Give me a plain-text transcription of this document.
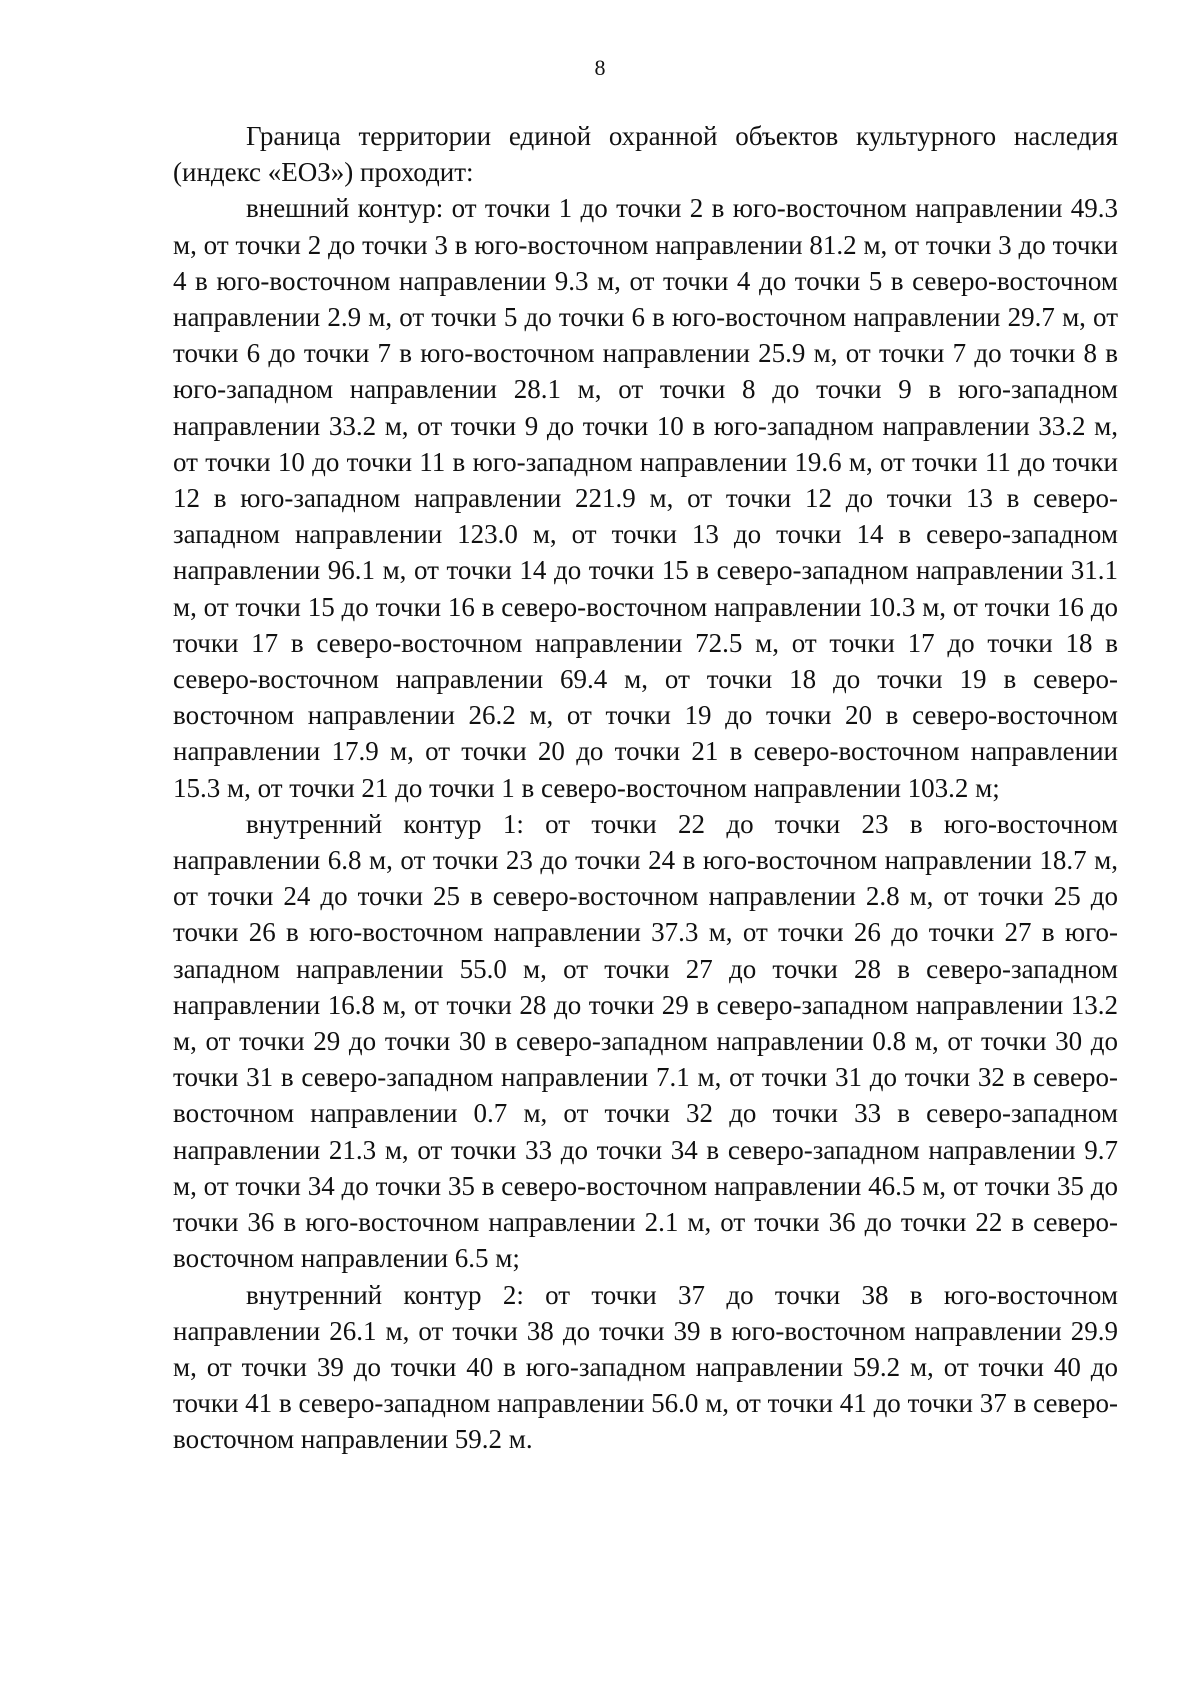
8

Граница территории единой охранной объектов культурного наследия (индекс «ЕОЗ») проходит:

внешний контур: от точки 1 до точки 2 в юго-восточном направлении 49.3 м, от точки 2 до точки 3 в юго-восточном направлении 81.2 м, от точки 3 до точки 4 в юго-восточном направлении 9.3 м, от точки 4 до точки 5 в северо-восточном направлении 2.9 м, от точки 5 до точки 6 в юго-восточном направлении 29.7 м, от точки 6 до точки 7 в юго-восточном направлении 25.9 м, от точки 7 до точки 8 в юго-западном направлении 28.1 м, от точки 8 до точки 9 в юго-западном направлении 33.2 м, от точки 9 до точки 10 в юго-западном направлении 33.2 м, от точки 10 до точки 11 в юго-западном направлении 19.6 м, от точки 11 до точки 12 в юго-западном направлении 221.9 м, от точки 12 до точки 13 в северо-западном направлении 123.0 м, от точки 13 до точки 14 в северо-западном направлении 96.1 м, от точки 14 до точки 15 в северо-западном направлении 31.1 м, от точки 15 до точки 16 в северо-восточном направлении 10.3 м, от точки 16 до точки 17 в северо-восточном направлении 72.5 м, от точки 17 до точки 18 в северо-восточном направлении 69.4 м, от точки 18 до точки 19 в северо-восточном направлении 26.2 м, от точки 19 до точки 20 в северо-восточном направлении 17.9 м, от точки 20 до точки 21 в северо-восточном направлении 15.3 м, от точки 21 до точки 1 в северо-восточном направлении 103.2 м;

внутренний контур 1: от точки 22 до точки 23 в юго-восточном направлении 6.8 м, от точки 23 до точки 24 в юго-восточном направлении 18.7 м, от точки 24 до точки 25 в северо-восточном направлении 2.8 м, от точки 25 до точки 26 в юго-восточном направлении 37.3 м, от точки 26 до точки 27 в юго-западном направлении 55.0 м, от точки 27 до точки 28 в северо-западном направлении 16.8 м, от точки 28 до точки 29 в северо-западном направлении 13.2 м, от точки 29 до точки 30 в северо-западном направлении 0.8 м, от точки 30 до точки 31 в северо-западном направлении 7.1 м, от точки 31 до точки 32 в северо-восточном направлении 0.7 м, от точки 32 до точки 33 в северо-западном направлении 21.3 м, от точки 33 до точки 34 в северо-западном направлении 9.7 м, от точки 34 до точки 35 в северо-восточном направлении 46.5 м, от точки 35 до точки 36 в юго-восточном направлении 2.1 м, от точки 36 до точки 22 в северо-восточном направлении 6.5 м;

внутренний контур 2: от точки 37 до точки 38 в юго-восточном направлении 26.1 м, от точки 38 до точки 39 в юго-восточном направлении 29.9 м, от точки 39 до точки 40 в юго-западном направлении 59.2 м, от точки 40 до точки 41 в северо-западном направлении 56.0 м, от точки 41 до точки 37 в северо-восточном направлении 59.2 м.
